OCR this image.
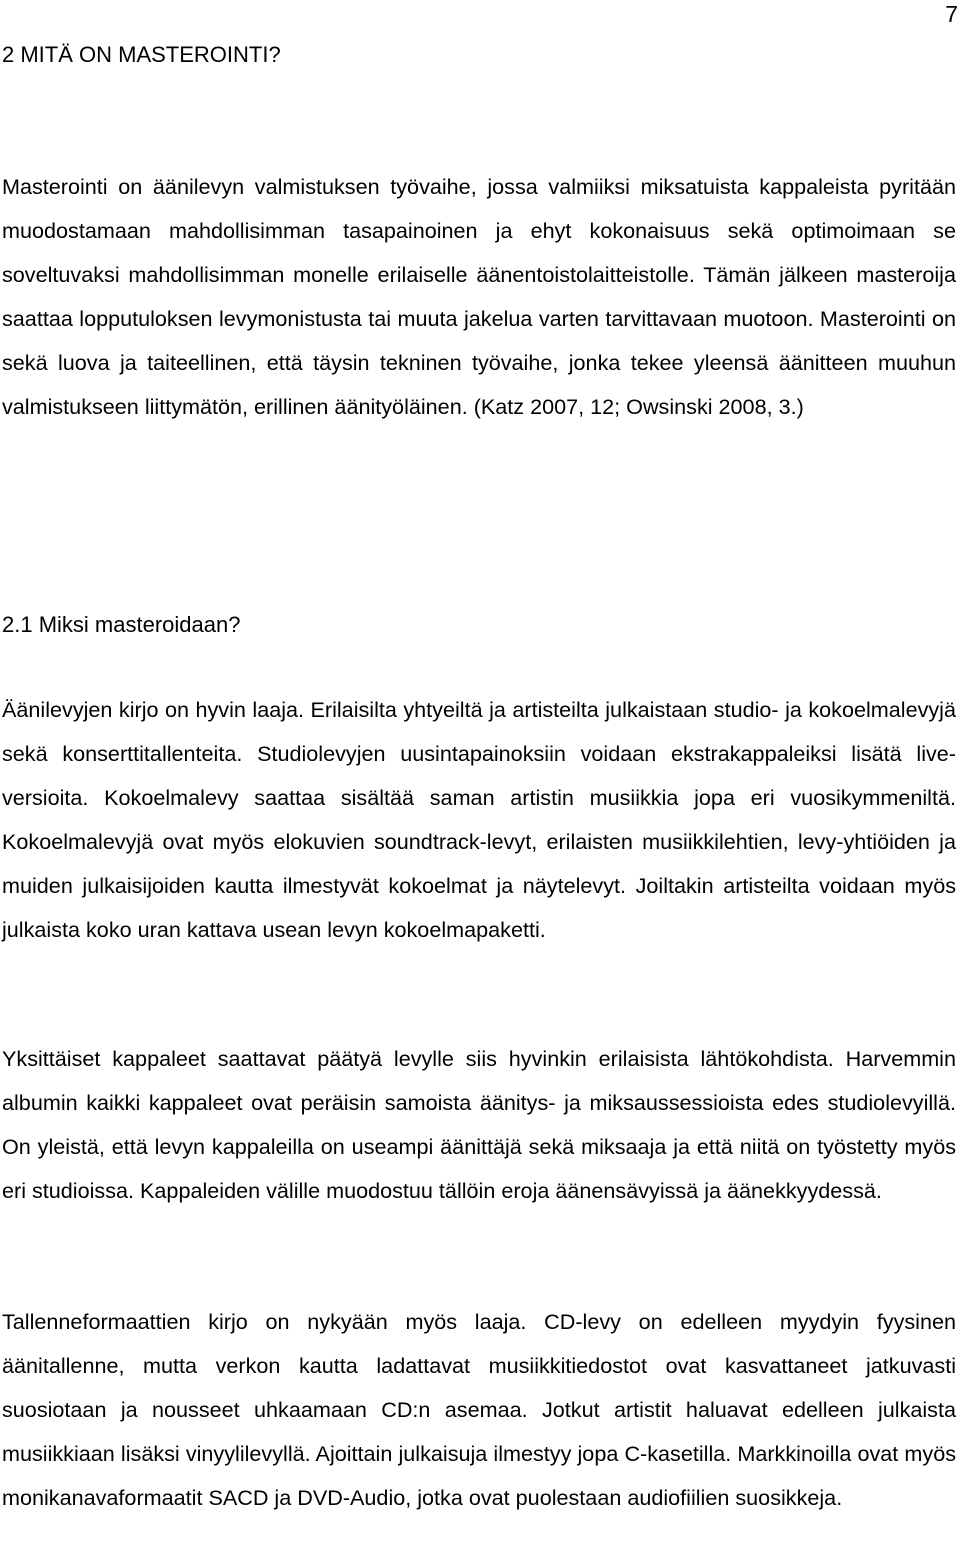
7
2 MITÄ ON MASTEROINTI?

Masterointi on äänilevyn valmistuksen työvaihe, jossa valmiiksi miksatuista kappaleista pyritään muodostamaan mahdollisimman tasapainoinen ja ehyt kokonaisuus sekä optimoimaan se soveltuvaksi mahdollisimman monelle erilaiselle äänentoistolaitteistolle. Tämän jälkeen masteroija saattaa lopputuloksen levymonistusta tai muuta jakelua varten tarvittavaan muotoon. Masterointi on sekä luova ja taiteellinen, että täysin tekninen työvaihe, jonka tekee yleensä äänitteen muuhun valmistukseen liittymätön, erillinen äänityöläinen. (Katz 2007, 12; Owsinski 2008, 3.)

2.1 Miksi masteroidaan?

Äänilevyjen kirjo on hyvin laaja. Erilaisilta yhtyeiltä ja artisteilta julkaistaan studio- ja kokoelmalevyjä sekä konserttitallenteita. Studiolevyjen uusintapainoksiin voidaan ekstrakappaleiksi lisätä live-versioita. Kokoelmalevy saattaa sisältää saman artistin musiikkia jopa eri vuosikymmeniltä. Kokoelmalevyjä ovat myös elokuvien soundtrack-levyt, erilaisten musiikkilehtien, levy-yhtiöiden ja muiden julkaisijoiden kautta ilmestyvät kokoelmat ja näytelevyt. Joiltakin artisteilta voidaan myös julkaista koko uran kattava usean levyn kokoelmapaketti.

Yksittäiset kappaleet saattavat päätyä levylle siis hyvinkin erilaisista lähtökohdista. Harvemmin albumin kaikki kappaleet ovat peräisin samoista äänitys- ja miksaussessioista edes studiolevyillä. On yleistä, että levyn kappaleilla on useampi äänittäjä sekä miksaaja ja että niitä on työstetty myös eri studioissa. Kappaleiden välille muodostuu tällöin eroja äänensävyissä ja äänekkyydessä.

Tallenneformaattien kirjo on nykyään myös laaja. CD-levy on edelleen myydyin fyysinen äänitallenne, mutta verkon kautta ladattavat musiikkitiedostot ovat kasvattaneet jatkuvasti suosiotaan ja nousseet uhkaamaan CD:n asemaa. Jotkut artistit haluavat edelleen julkaista musiikkiaan lisäksi vinyylilevyllä. Ajoittain julkaisuja ilmestyy jopa C-kasetilla. Markkinoilla ovat myös monikanavaformaatit SACD ja DVD-Audio, jotka ovat puolestaan audiofiilien suosikkeja.
